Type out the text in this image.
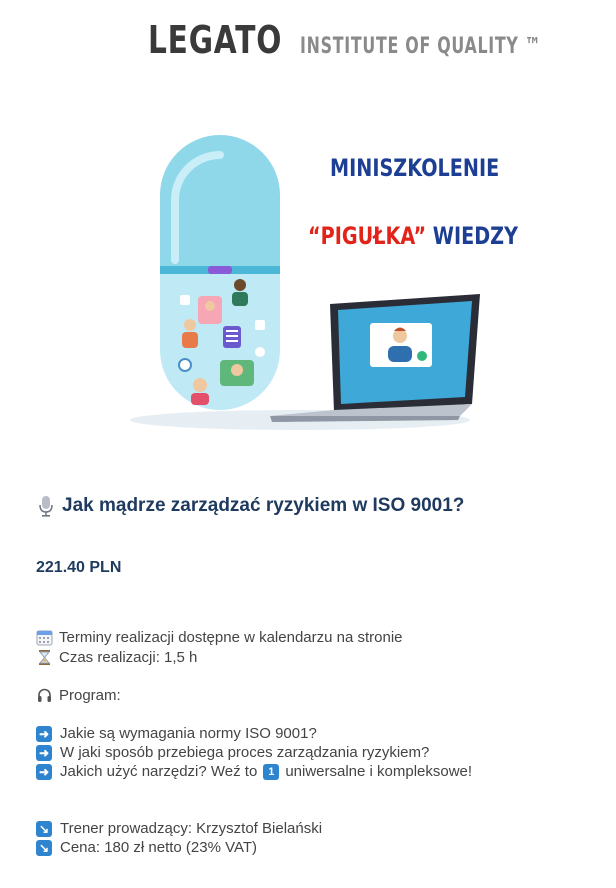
LEGATO INSTITUTE OF QUALITY ™
MINISZKOLENIE
“PIGUŁKA” WIEDZY
Jak mądrze zarządzać ryzykiem w ISO 9001?
221.40 PLN
Terminy realizacji dostępne w kalendarzu na stronie
Czas realizacji: 1,5 h
Program:
➜ Jakie są wymagania normy ISO 9001?
➜ W jaki sposób przebiega proces zarządzania ryzykiem?
➜ Jakich użyć narzędzi? Weź to 1 uniwersalne i kompleksowe!
↘ Trener prowadzący: Krzysztof Bielański
↘ Cena: 180 zł netto (23% VAT)
